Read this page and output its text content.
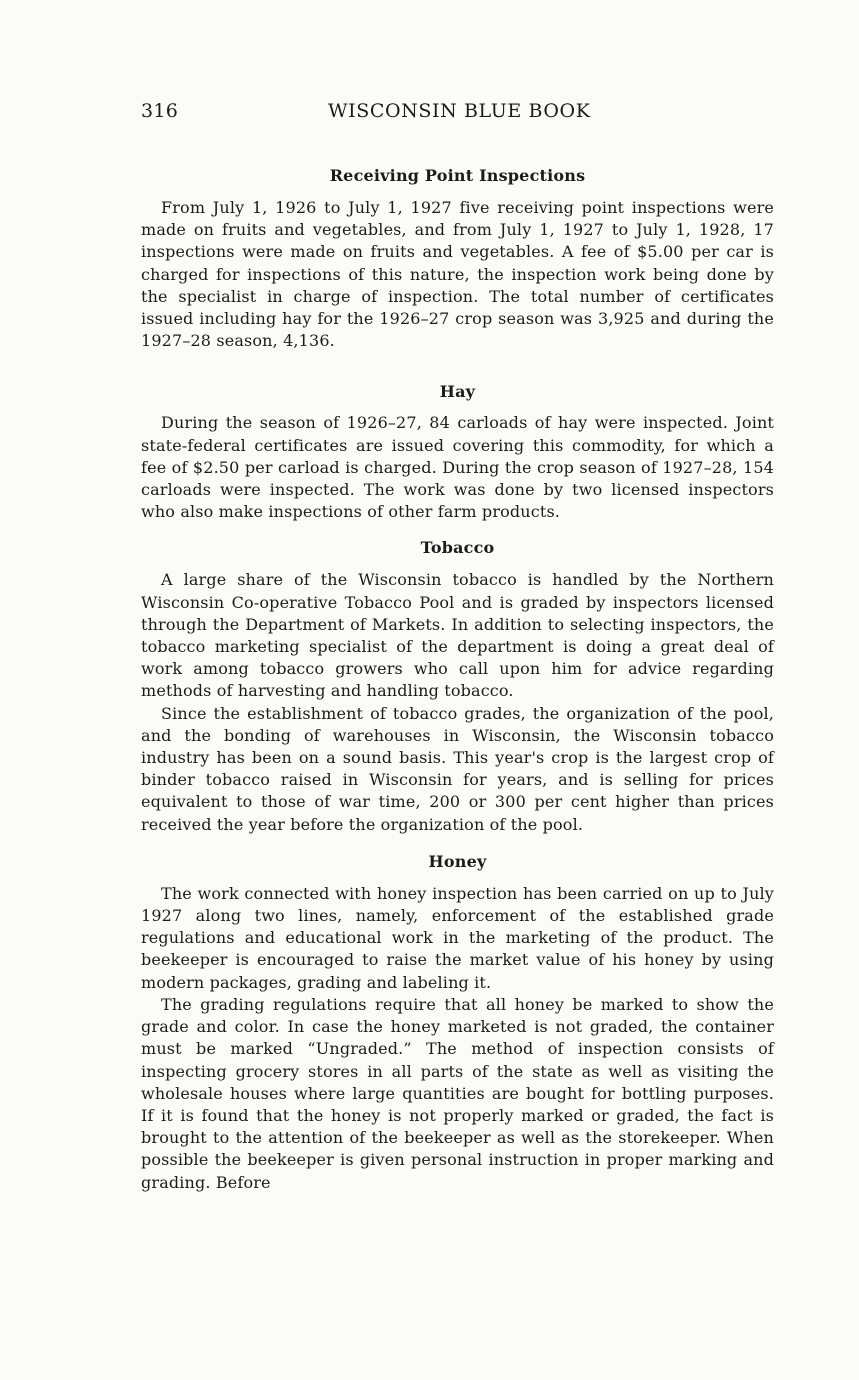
316	WISCONSIN BLUE BOOK
Receiving Point Inspections

From July 1, 1926 to July 1, 1927 five receiving point inspections were made on fruits and vegetables, and from July 1, 1927 to July 1, 1928, 17 inspections were made on fruits and vegetables. A fee of $5.00 per car is charged for inspections of this nature, the inspection work being done by the specialist in charge of inspection. The total number of certificates issued including hay for the 1926–27 crop season was 3,925 and during the 1927–28 season, 4,136.

Hay

During the season of 1926–27, 84 carloads of hay were inspected. Joint state-federal certificates are issued covering this commodity, for which a fee of $2.50 per carload is charged. During the crop season of 1927–28, 154 carloads were inspected. The work was done by two licensed inspectors who also make inspections of other farm products.

Tobacco

A large share of the Wisconsin tobacco is handled by the Northern Wisconsin Co-operative Tobacco Pool and is graded by inspectors licensed through the Department of Markets. In addition to selecting inspectors, the tobacco marketing specialist of the department is doing a great deal of work among tobacco growers who call upon him for advice regarding methods of harvesting and handling tobacco.

Since the establishment of tobacco grades, the organization of the pool, and the bonding of warehouses in Wisconsin, the Wisconsin tobacco industry has been on a sound basis. This year's crop is the largest crop of binder tobacco raised in Wisconsin for years, and is selling for prices equivalent to those of war time, 200 or 300 per cent higher than prices received the year before the organization of the pool.

Honey

The work connected with honey inspection has been carried on up to July 1927 along two lines, namely, enforcement of the established grade regulations and educational work in the marketing of the product. The beekeeper is encouraged to raise the market value of his honey by using modern packages, grading and labeling it.

The grading regulations require that all honey be marked to show the grade and color. In case the honey marketed is not graded, the container must be marked “Ungraded.” The method of inspection consists of inspecting grocery stores in all parts of the state as well as visiting the wholesale houses where large quantities are bought for bottling purposes. If it is found that the honey is not properly marked or graded, the fact is brought to the attention of the beekeeper as well as the storekeeper. When possible the beekeeper is given personal instruction in proper marking and grading. Before
